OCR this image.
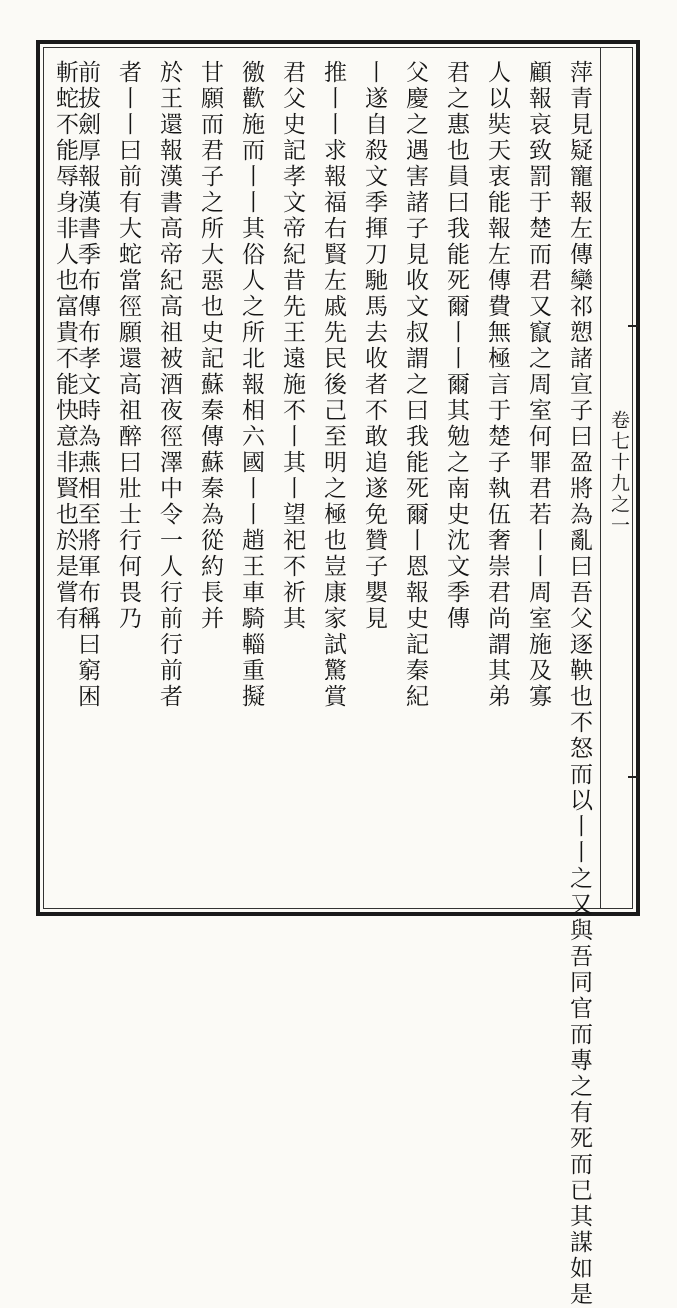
卷七十九之一
萍青見疑寵報左傳欒祁愬諸宣子曰盈將為亂曰吾父逐鞅也不怒而以丨丨之又與吾同官而專之有死而已其謀如是
顧報哀致罰于楚而君又竄之周室何罪君若丨丨周室施及寡
人以奘天衷能報左傳費無極言于楚子執伍奢崇君尚謂其弟
君之惠也員曰我能死爾丨丨爾其勉之南史沈文季傳
父慶之遇害諸子見收文叔謂之曰我能死爾丨恩報史記秦紀
丨遂自殺文季揮刀馳馬去收者不敢追遂免贊子嬰見
推丨丨求報福右賢左戚先民後己至明之極也豈康家試驚賞
君父史記孝文帝紀昔先王遠施不丨其丨望祀不祈其
徼歡施而丨丨其俗人之所北報相六國丨丨趙王車騎輜重擬
甘願而君子之所大惡也史記蘇秦傳蘇秦為從約長并
於王還報漢書高帝紀高祖被酒夜徑澤中令一人行前行前者
者丨丨曰前有大蛇當徑願還高祖醉曰壯士行何畏乃
前拔劍厚報漢書季布傳布孝文時為燕相至將軍布稱曰窮困
斬蛇不能辱身非人也富貴不能快意非賢也於是嘗有
